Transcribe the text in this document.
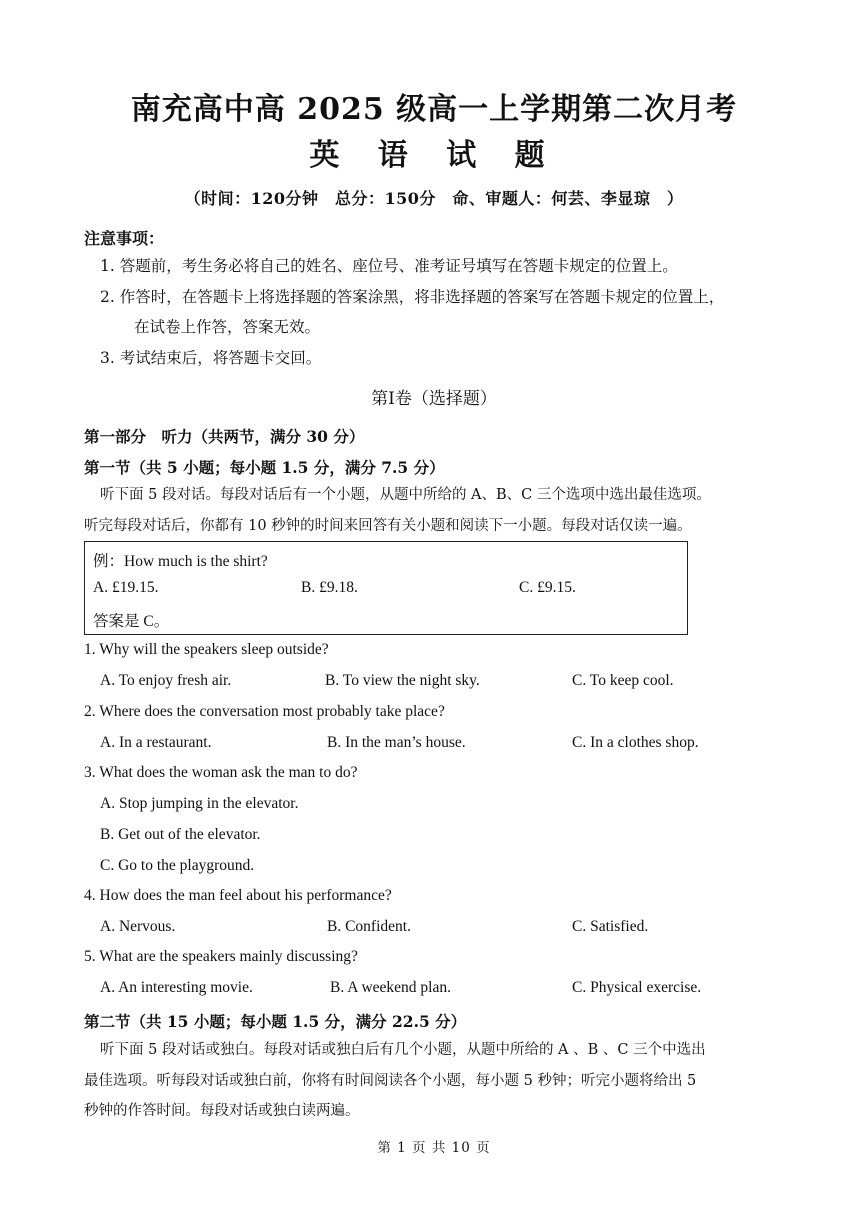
南充高中高 2025 级高一上学期第二次月考
英 语 试 题
（时间：120分钟　总分：150分　命、审题人：何芸、李显琼　）
注意事项：
1. 答题前，考生务必将自己的姓名、座位号、准考证号填写在答题卡规定的位置上。
2. 作答时，在答题卡上将选择题的答案涂黑，将非选择题的答案写在答题卡规定的位置上，
在试卷上作答，答案无效。
3. 考试结束后，将答题卡交回。
第Ⅰ卷（选择题）
第一部分　听力（共两节，满分 30 分）
第一节（共 5 小题；每小题 1.5 分，满分 7.5 分）
听下面 5 段对话。每段对话后有一个小题，从题中所给的 A、B、C 三个选项中选出最佳选项。
听完每段对话后，你都有 10 秒钟的时间来回答有关小题和阅读下一小题。每段对话仅读一遍。
例：How much is the shirt?
A. £19.15.	B. £9.18.	C. £9.15.
答案是 C。
1. Why will the speakers sleep outside?
A. To enjoy fresh air.	B. To view the night sky.	C. To keep cool.
2. Where does the conversation most probably take place?
A. In a restaurant.	B. In the man’s house.	C. In a clothes shop.
3. What does the woman ask the man to do?
A. Stop jumping in the elevator.
B. Get out of the elevator.
C. Go to the playground.
4. How does the man feel about his performance?
A. Nervous.	B. Confident.	C. Satisfied.
5. What are the speakers mainly discussing?
A. An interesting movie.	B. A weekend plan.	C. Physical exercise.
第二节（共 15 小题；每小题 1.5 分，满分 22.5 分）
听下面 5 段对话或独白。每段对话或独白后有几个小题，从题中所给的 A 、B 、C 三个中选出
最佳选项。听每段对话或独白前，你将有时间阅读各个小题，每小题 5 秒钟；听完小题将给出 5
秒钟的作答时间。每段对话或独白读两遍。
第 1 页 共 10 页
